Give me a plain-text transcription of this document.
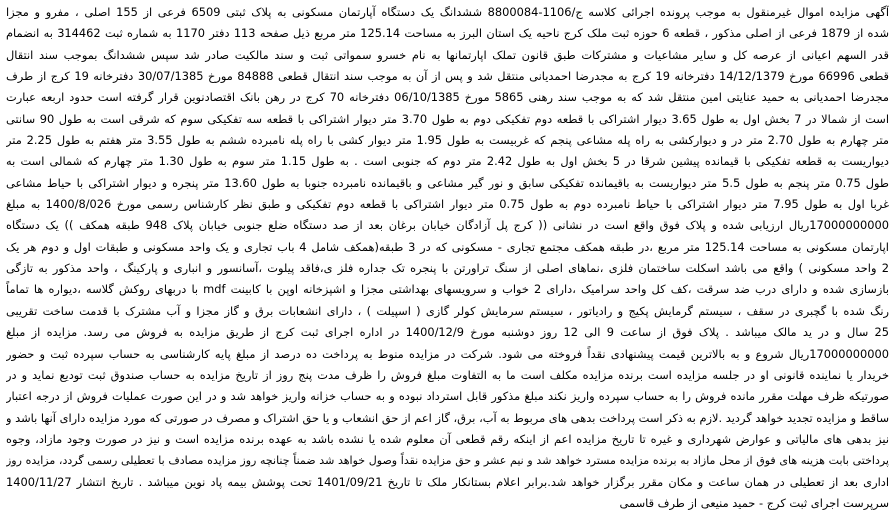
آگهی مزایده اموال غیرمنقول به موجب پرونده اجرائی کلاسه ج/1106-8800084 ششدانگ یک دستگاه آپارتمان مسکونی به پلاک ثبتی 6509 فرعی از 155 اصلی ، مفرو و مجزا
شده از 1879 فرعی از اصلی مذکور ، قطعه 6 حوزه ثبت ملک کرج ناحیه یک استان البرز به مساحت 125.14 متر مربع ذیل صفحه 113 دفتر 1170 به شماره ثبت 314462 به انضمام
قدر السهم اعیانی از عرصه کل و سایر مشاعیات و مشترکات طبق قانون تملک اپارتمانها به نام خسرو سمواتی ثبت و سند مالکیت صادر شد سپس ششدانگ بموجب سند انتقال
قطعی 66996 مورخ 14/12/1379 دفترخانه 19 کرج به مجدرضا احمدیانی منتقل شد و پس از آن به موجب سند انتقال قطعی 84888 مورخ 30/07/1385 دفترخانه 19 کرج از طرف
مجدرضا احمدیانی به حمید عنایتی امین منتقل شد که به موجب سند رهنی 5865 مورخ 06/10/1385 دفترخانه 70 کرج در رهن بانک اقتصادنوین قرار گرفته است حدود اربعه عبارت
است از شمالا در 7 بخش اول به طول 3.65 دیوار اشتراکی با قطعه دوم تفکیکی دوم به طول 3.70 متر دیوار اشتراکی با قطعه سه تفکیکی سوم که شرقی است به طول 90 سانتی
متر چهارم به طول 2.70 متر در و دیوارکشی به راه پله مشاعی پنجم که غربیست به طول 1.95 متر دیوار کشی با راه پله نامبرده ششم به طول 3.55 متر هفتم به طول 2.25 متر
دیواریست به قطعه تفکیکی با قیمانده پیشین شرقا در 5 بخش اول به طول 2.42 متر دوم که جنوبی است . به طول 1.15 متر سوم به طول 1.30 متر چهارم که شمالی است به
طول 0.75 متر پنجم به طول 5.5 متر دیواریست به باقیمانده تفکیکی سابق و نور گیر مشاعی و باقیمانده نامبرده جنوبا به طول 13.60 متر پنجره و دیوار اشتراکی با حیاط مشاعی
غربا اول به طول 7.95 متر دیوار اشتراکی با حیاط نامبرده دوم به طول 0.75 متر دیوار اشتراکی با قطعه دوم تفکیکی و طبق نظر کارشناس رسمی مورخ 1400/8/026 به مبلغ
17000000000ریال ارزیابی شده و پلاک فوق واقع است در نشانی (( کرج پل آزادگان خیابان برغان بعد از صد دستگاه ضلع جنوبی خیابان پلاک 948 طبقه همکف )) یک دستگاه
اپارتمان مسکونی به مساحت 125.14 متر مربع ،در طبقه همکف مجتمع تجاری - مسکونی که در 3 طبقه(همکف شامل 4 باب تجاری و یک واحد مسکونی و طبقات اول و دوم هر یک
2 واحد مسکونی ) واقع می باشد اسکلت ساختمان فلزی ،نماهای اصلی از سنگ تراورتن با پنجره تک جداره فلز ی،فاقد پیلوت ،آسانسور و انباری و پارکینگ ، واحد مذکور به تازگی
بازسازی شده و دارای درب ضد سرقت ،کف کل واحد سرامیک ،دارای 2 خواب و سرویسهای بهداشتی مجزا و اشپزخانه اوپن با کابینت mdf با دربهای روکش گلاسه ،دیواره ها تماماً
رنگ شده با گچبری در سقف ، سیستم گرمایش پکیج و رادیاتور ، سیستم سرمایش کولر گازی ( اسپیلت ) ، دارای انشعابات برق و گاز مجزا و آب مشترک با قدمت ساخت تقریبی
25 سال و در ید مالک میباشد . پلاک فوق از ساعت 9 الی 12 روز دوشنبه مورخ 1400/12/9 در اداره اجرای ثبت کرج از طریق مزایده به فروش می رسد. مزایده از مبلغ
17000000000ریال شروع و به بالاترین قیمت پیشنهادی نقداً فروخته می شود. شرکت در مزایده منوط به پرداخت ده درصد از مبلغ پایه کارشناسی به حساب سپرده ثبت و حضور
خریدار یا نماینده قانونی او در جلسه مزایده است برنده مزایده مکلف است ما به التفاوت مبلغ فروش را ظرف مدت پنج روز از تاریخ مزایده به حساب صندوق ثبت تودیع نماید و در
صورتیکه ظرف مهلت مقرر مانده فروش را به حساب سپرده واریز نکند مبلغ مذکور قابل استرداد نبوده و به حساب خزانه واریز خواهد شد و در این صورت عملیات فروش از درجه اعتبار
ساقط و مزایده تجدید خواهد گردید .لازم به ذکر است پرداخت بدهی های مربوط به آب، برق، گاز اعم از حق انشعاب و یا حق اشتراک و مصرف در صورتی که مورد مزایده دارای آنها باشد و
نیز بدهی های مالیاتی و عوارض شهرداری و غیره تا تاریخ مزایده اعم از اینکه رقم قطعی آن معلوم شده یا نشده باشد به عهده برنده مزایده است و نیز در صورت وجود مازاد، وجوه
پرداختی بابت هزینه های فوق از محل مازاد به برنده مزایده مسترد خواهد شد و نیم عشر و حق مزایده نقداً وصول خواهد شد ضمناً چنانچه روز مزایده مصادف با تعطیلی رسمی گردد، مزایده روز
اداری بعد از تعطیلی در همان ساعت و مکان مقرر برگزار خواهد شد.برابر اعلام بستانکار ملک تا تاریخ 1401/09/21 تحت پوشش بیمه پاد نوین میباشد . تاریخ انتشار 1400/11/27
سرپرست اجرای ثبت کرج - حمید منیعی از طرف قاسمی
